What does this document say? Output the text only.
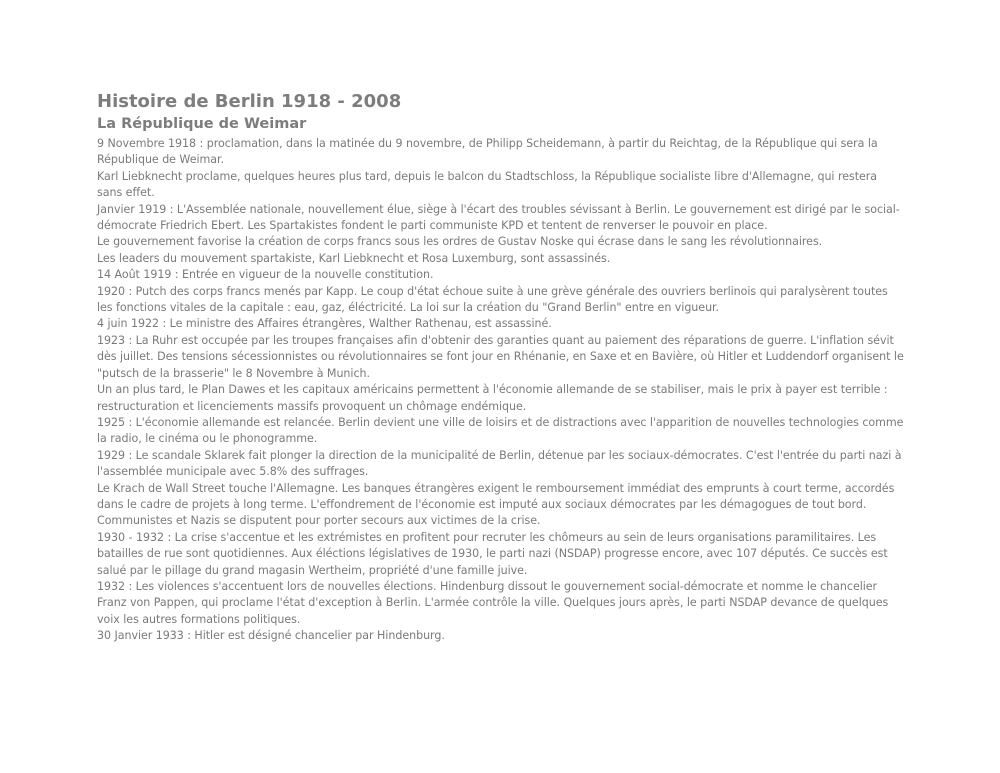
Histoire de Berlin 1918 - 2008
La République de Weimar

9 Novembre 1918 : proclamation, dans la matinée du 9 novembre, de Philipp Scheidemann, à partir du Reichtag, de la République qui sera la République de Weimar.

Karl Liebknecht proclame, quelques heures plus tard, depuis le balcon du Stadtschloss, la République socialiste libre d'Allemagne, qui restera sans effet.

Janvier 1919 : L'Assemblée nationale, nouvellement élue, siège à l'écart des troubles sévissant à Berlin. Le gouvernement est dirigé par le social-démocrate Friedrich Ebert. Les Spartakistes fondent le parti communiste KPD et tentent de renverser le pouvoir en place.

Le gouvernement favorise la création de corps francs sous les ordres de Gustav Noske qui écrase dans le sang les révolutionnaires.

Les leaders du mouvement spartakiste, Karl Liebknecht et Rosa Luxemburg, sont assassinés.

14 Août 1919 : Entrée en vigueur de la nouvelle constitution.

1920 : Putch des corps francs menés par Kapp. Le coup d'état échoue suite à une grève générale des ouvriers berlinois qui paralysèrent toutes les fonctions vitales de la capitale : eau, gaz, éléctricité. La loi sur la création du "Grand Berlin" entre en vigueur.

4 juin 1922 : Le ministre des Affaires étrangères, Walther Rathenau, est assassiné.

1923 : La Ruhr est occupée par les troupes françaises afin d'obtenir des garanties quant au paiement des réparations de guerre. L'inflation sévit dès juillet. Des tensions sécessionnistes ou révolutionnaires se font jour en Rhénanie, en Saxe et en Bavière, où Hitler et Luddendorf organisent le "putsch de la brasserie" le 8 Novembre à Munich.

Un an plus tard, le Plan Dawes et les capitaux américains permettent à l'économie allemande de se stabiliser, mais le prix à payer est terrible : restructuration et licenciements massifs provoquent un chômage endémique.

1925 : L'économie allemande est relancée. Berlin devient une ville de loisirs et de distractions avec l'apparition de nouvelles technologies comme la radio, le cinéma ou le phonogramme.

1929 : Le scandale Sklarek fait plonger la direction de la municipalité de Berlin, détenue par les sociaux-démocrates. C'est l'entrée du parti nazi à l'assemblée municipale avec 5.8% des suffrages.

Le Krach de Wall Street touche l'Allemagne. Les banques étrangères exigent le remboursement immédiat des emprunts à court terme, accordés dans le cadre de projets à long terme. L'effondrement de l'économie est imputé aux sociaux démocrates par les démagogues de tout bord. Communistes et Nazis se disputent pour porter secours aux victimes de la crise.

1930 - 1932 : La crise s'accentue et les extrémistes en profitent pour recruter les chômeurs au sein de leurs organisations paramilitaires. Les batailles de rue sont quotidiennes. Aux éléctions législatives de 1930, le parti nazi (NSDAP) progresse encore, avec 107 députés. Ce succès est salué par le pillage du grand magasin Wertheim, propriété d'une famille juive.

1932 : Les violences s'accentuent lors de nouvelles élections. Hindenburg dissout le gouvernement social-démocrate et nomme le chancelier Franz von Pappen, qui proclame l'état d'exception à Berlin. L'armée contrôle la ville. Quelques jours après, le parti NSDAP devance de quelques voix les autres formations politiques.

30 Janvier 1933 : Hitler est désigné chancelier par Hindenburg.
